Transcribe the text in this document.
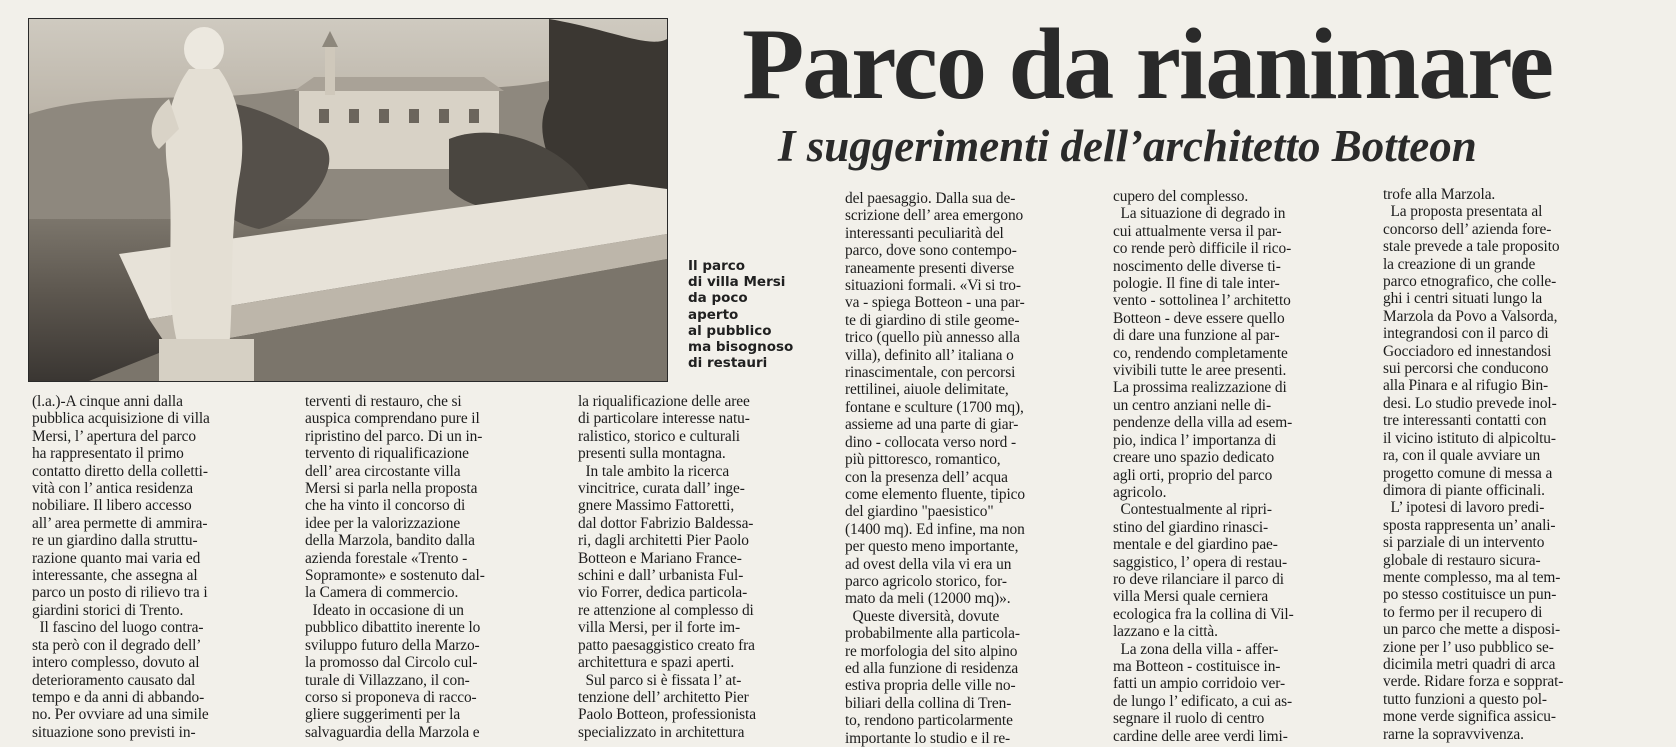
Il parco
di villa Mersi
da poco
aperto
al pubblico
ma bisognoso
di restauri
Parco da rianimare
I suggerimenti dell’architetto Botteon
(l.a.)-A cinque anni dalla
pubblica acquisizione di villa
Mersi, l’ apertura del parco
ha rappresentato il primo
contatto diretto della colletti-
vità con l’ antica residenza
nobiliare. Il libero accesso
all’ area permette di ammira-
re un giardino dalla struttu-
razione quanto mai varia ed
interessante, che assegna al
parco un posto di rilievo tra i
giardini storici di Trento.
Il fascino del luogo contra-
sta però con il degrado dell’
intero complesso, dovuto al
deterioramento causato dal
tempo e da anni di abbando-
no. Per ovviare ad una simile
situazione sono previsti in-
terventi di restauro, che si
auspica comprendano pure il
ripristino del parco. Di un in-
tervento di riqualificazione
dell’ area circostante villa
Mersi si parla nella proposta
che ha vinto il concorso di
idee per la valorizzazione
della Marzola, bandito dalla
azienda forestale «Trento -
Sopramonte» e sostenuto dal-
la Camera di commercio.
Ideato in occasione di un
pubblico dibattito inerente lo
sviluppo futuro della Marzo-
la promosso dal Circolo cul-
turale di Villazzano, il con-
corso si proponeva di racco-
gliere suggerimenti per la
salvaguardia della Marzola e
la riqualificazione delle aree
di particolare interesse natu-
ralistico, storico e culturali
presenti sulla montagna.
In tale ambito la ricerca
vincitrice, curata dall’ inge-
gnere Massimo Fattoretti,
dal dottor Fabrizio Baldessa-
ri, dagli architetti Pier Paolo
Botteon e Mariano France-
schini e dall’ urbanista Ful-
vio Forrer, dedica particola-
re attenzione al complesso di
villa Mersi, per il forte im-
patto paesaggistico creato fra
architettura e spazi aperti.
Sul parco si è fissata l’ at-
tenzione dell’ architetto Pier
Paolo Botteon, professionista
specializzato in architettura
del paesaggio. Dalla sua de-
scrizione dell’ area emergono
interessanti peculiarità del
parco, dove sono contempo-
raneamente presenti diverse
situazioni formali. «Vi si tro-
va - spiega Botteon - una par-
te di giardino di stile geome-
trico (quello più annesso alla
villa), definito all’ italiana o
rinascimentale, con percorsi
rettilinei, aiuole delimitate,
fontane e sculture (1700 mq),
assieme ad una parte di giar-
dino - collocata verso nord -
più pittoresco, romantico,
con la presenza dell’ acqua
come elemento fluente, tipico
del giardino "paesistico"
(1400 mq). Ed infine, ma non
per questo meno importante,
ad ovest della vila vi era un
parco agricolo storico, for-
mato da meli (12000 mq)».
Queste diversità, dovute
probabilmente alla particola-
re morfologia del sito alpino
ed alla funzione di residenza
estiva propria delle ville no-
biliari della collina di Tren-
to, rendono particolarmente
importante lo studio e il re-
cupero del complesso.
La situazione di degrado in
cui attualmente versa il par-
co rende però difficile il rico-
noscimento delle diverse ti-
pologie. Il fine di tale inter-
vento - sottolinea l’ architetto
Botteon - deve essere quello
di dare una funzione al par-
co, rendendo completamente
vivibili tutte le aree presenti.
La prossima realizzazione di
un centro anziani nelle di-
pendenze della villa ad esem-
pio, indica l’ importanza di
creare uno spazio dedicato
agli orti, proprio del parco
agricolo.
Contestualmente al ripri-
stino del giardino rinasci-
mentale e del giardino pae-
saggistico, l’ opera di restau-
ro deve rilanciare il parco di
villa Mersi quale cerniera
ecologica fra la collina di Vil-
lazzano e la città.
La zona della villa - affer-
ma Botteon - costituisce in-
fatti un ampio corridoio ver-
de lungo l’ edificato, a cui as-
segnare il ruolo di centro
cardine delle aree verdi limi-
trofe alla Marzola.
La proposta presentata al
concorso dell’ azienda fore-
stale prevede a tale proposito
la creazione di un grande
parco etnografico, che colle-
ghi i centri situati lungo la
Marzola da Povo a Valsorda,
integrandosi con il parco di
Gocciadoro ed innestandosi
sui percorsi che conducono
alla Pinara e al rifugio Bin-
desi. Lo studio prevede inol-
tre interessanti contatti con
il vicino istituto di alpicoltu-
ra, con il quale avviare un
progetto comune di messa a
dimora di piante officinali.
L’ ipotesi di lavoro predi-
sposta rappresenta un’ anali-
si parziale di un intervento
globale di restauro sicura-
mente complesso, ma al tem-
po stesso costituisce un pun-
to fermo per il recupero di
un parco che mette a disposi-
zione per l’ uso pubblico se-
dicimila metri quadri di arca
verde. Ridare forza e sopprat-
tutto funzioni a questo pol-
mone verde significa assicu-
rarne la sopravvivenza.
